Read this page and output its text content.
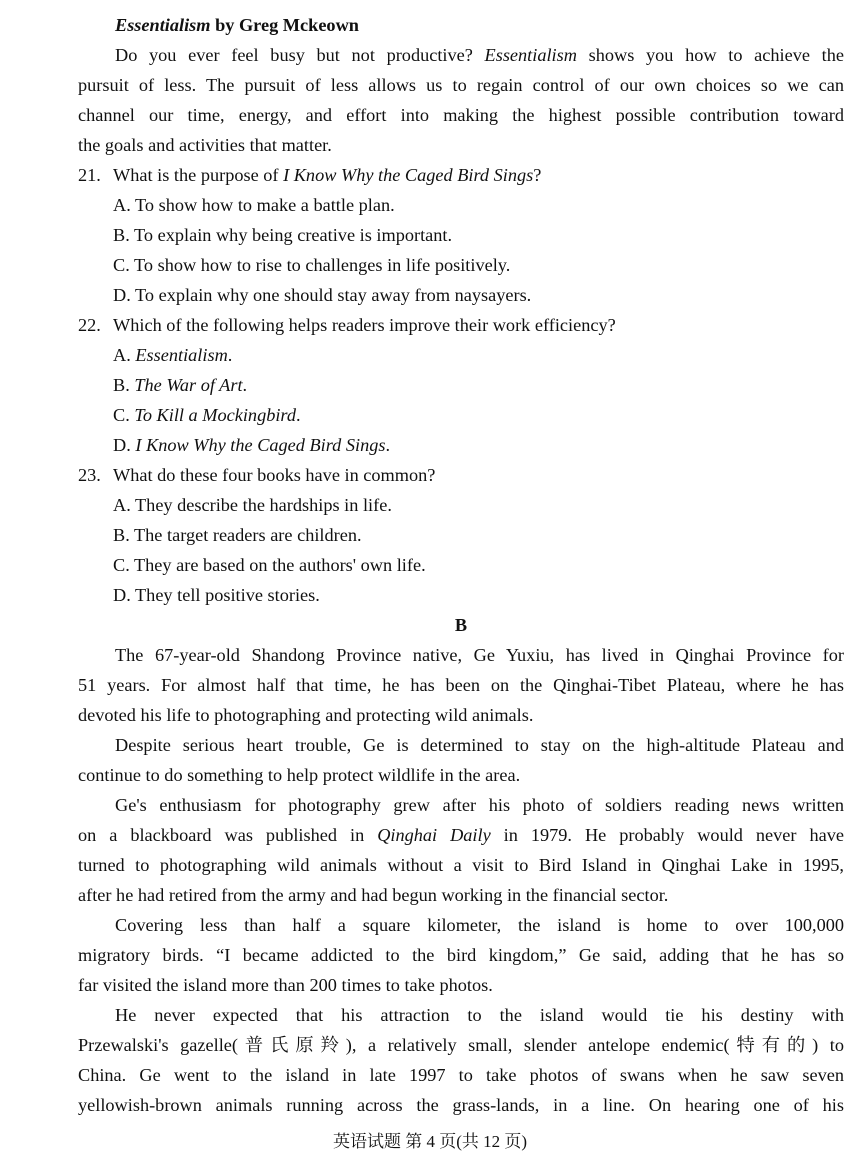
Essentialism by Greg Mckeown
Do you ever feel busy but not productive? Essentialism shows you how to achieve the
pursuit of less. The pursuit of less allows us to regain control of our own choices so we can
channel our time, energy, and effort into making the highest possible contribution toward
the goals and activities that matter.
21. What is the purpose of I Know Why the Caged Bird Sings?
A. To show how to make a battle plan.
B. To explain why being creative is important.
C. To show how to rise to challenges in life positively.
D. To explain why one should stay away from naysayers.
22. Which of the following helps readers improve their work efficiency?
A. Essentialism.
B. The War of Art.
C. To Kill a Mockingbird.
D. I Know Why the Caged Bird Sings.
23. What do these four books have in common?
A. They describe the hardships in life.
B. The target readers are children.
C. They are based on the authors' own life.
D. They tell positive stories.
B
The 67-year-old Shandong Province native, Ge Yuxiu, has lived in Qinghai Province for
51 years. For almost half that time, he has been on the Qinghai-Tibet Plateau, where he has
devoted his life to photographing and protecting wild animals.
Despite serious heart trouble, Ge is determined to stay on the high-altitude Plateau and
continue to do something to help protect wildlife in the area.
Ge's enthusiasm for photography grew after his photo of soldiers reading news written
on a blackboard was published in Qinghai Daily in 1979. He probably would never have
turned to photographing wild animals without a visit to Bird Island in Qinghai Lake in 1995,
after he had retired from the army and had begun working in the financial sector.
Covering less than half a square kilometer, the island is home to over 100,000
migratory birds. “I became addicted to the bird kingdom,” Ge said, adding that he has so
far visited the island more than 200 times to take photos.
He never expected that his attraction to the island would tie his destiny with
Przewalski's gazelle(普氏原羚), a relatively small, slender antelope endemic(特有的) to
China. Ge went to the island in late 1997 to take photos of swans when he saw seven
yellowish-brown animals running across the grass-lands, in a line. On hearing one of his
英语试题 第 4 页(共 12 页)
